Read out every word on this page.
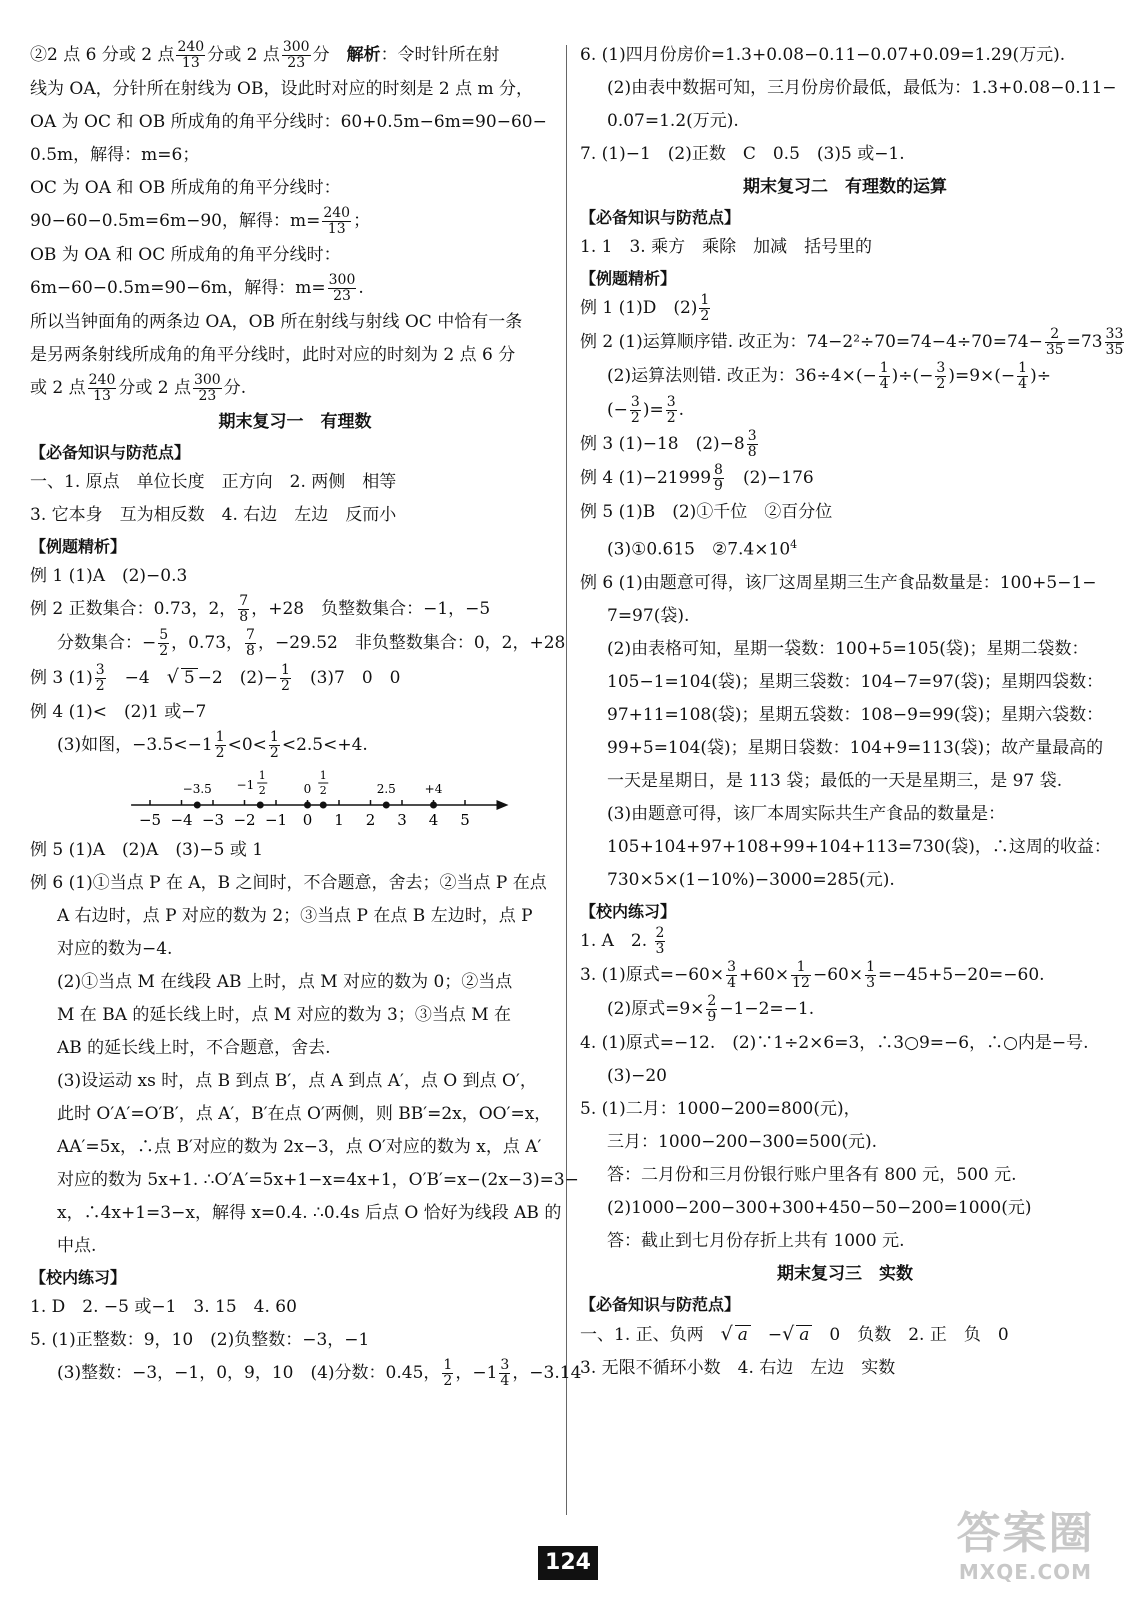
②2 点 6 分或 2 点 $\frac{240}{13}$ 分或 2 点 $\frac{300}{23}$ 分　 解析：令时针所在射
线为 OA，分针所在射线为 OB，设此时对应的时刻是 2 点 m 分，
OA 为 OC 和 OB 所成角的角平分线时：60+0.5m−6m=90−60−
0.5m，解得：m=6；
OC 为 OA 和 OB 所成角的角平分线时：
90−60−0.5m=6m−90，解得：$m= \frac{240}{13}$ ；
OB 为 OA 和 OC 所成角的角平分线时：
6m−60−0.5m=90−6m，解得：$m= \frac{300}{23}$ .
所以当钟面角的两条边 OA，OB 所在射线与射线 OC 中恰有一条
是另两条射线所成角的角平分线时，此时对应的时刻为 2 点 6 分
或 2 点 $\frac{240}{13}$ 分或 2 点 $\frac{300}{23}$ 分.
期末复习一　有理数
【必备知识与防范点】
一、1. 原点　单位长度　正方向　2. 两侧　相等
3. 它本身　互为相反数　4. 右边　左边　反而小
【例题精析】
例 1 (1)A　(2)−0.3
例 2 正数集合：0.73，2， $\frac{7}{8}$ ，+28　负整数集合：−1，−5
分数集合：− $\frac{5}{2}$ ，0.73， $\frac{7}{8}$ ，−29.52　非负整数集合：0，2，+28
例 3 $(1) \frac{3}{2}$ 　−4　√ 5 −2　$(2)- \frac{1}{2}$ 　(3)7　0　0
例 4 (1)<　(2)1 或−7
(3)如图，$-3.5<-1 \frac{1}{2} <0< \frac{1}{2} <2.5<+4$.
−5 −4 −3 −2 −1 0 1 2 3 4 5
−3.5	2.5 +4
−1
1
2	0
1
2
例 5 (1)A　(2)A　(3)−5 或 1
例 6 (1)①当点 P 在 A，B 之间时，不合题意，舍去；②当点 P 在点
A 右边时，点 P 对应的数为 2；③当点 P 在点 B 左边时，点 P
对应的数为−4.
(2)①当点 M 在线段 AB 上时，点 M 对应的数为 0；②当点
M 在 BA 的延长线上时，点 M 对应的数为 3；③当点 M 在
AB 的延长线上时，不合题意，舍去.
(3)设运动 xs 时，点 B 到点 B′，点 A 到点 A′，点 O 到点 O′，
此时 O′A′=O′B′，点 A′，B′在点 O′两侧，则 BB′=2x，OO′=x，
AA′=5x，∴点 B′对应的数为 2x−3，点 O′对应的数为 x，点 A′
对应的数为 5x+1. ∴O′A′=5x+1−x=4x+1，O′B′=x−(2x−3)=3−
x，∴4x+1=3−x，解得 x=0.4. ∴0.4s 后点 O 恰好为线段 AB 的
中点.
【校内练习】
1. D　2. −5 或−1　3. 15　4. 60
5. (1)正整数：9，10　(2)负整数：−3，−1
(3)整数：−3，−1，0，9，10　(4)分数：0.45， $\frac{1}{2}$ ，$-1 \frac{3}{4}$ ，−3.14
6. (1)四月份房价=1.3+0.08−0.11−0.07+0.09=1.29(万元).
(2)由表中数据可知，三月份房价最低，最低为：1.3+0.08−0.11−
0.07=1.2(万元).
7. (1)−1　(2)正数　C　0.5　(3)5 或−1.
期末复习二　有理数的运算
【必备知识与防范点】
1. 1　3. 乘方　乘除　加减　括号里的
【例题精析】
例 1 (1)D　$(2) \frac{1}{2}$
例 2 (1)运算顺序错. 改正为：$74-2^2\div 70=74-4\div 70=74- \frac{2}{35} =73 \frac{33}{35}$
(2)运算法则错. 改正为：$36\div 4\times(- \frac{1}{4}$ )÷(− $\frac{3}{2} )=9\times(- \frac{1}{4}$ )÷
(− $\frac{3}{2}$ )= $\frac{3}{2}$ .
例 3 (1)−18　$(2)-8 \frac{3}{8}$
例 4 $(1)-21999 \frac{8}{9}$ 　(2)−176
例 5 (1)B　(2)①千位　②百分位
(3)①0.615　$②7.4\times 10^4$
例 6 (1)由题意可得，该厂这周星期三生产食品数量是：100+5−1−
7=97(袋).
(2)由表格可知，星期一袋数：100+5=105(袋)；星期二袋数：
105−1=104(袋)；星期三袋数：104−7=97(袋)；星期四袋数：
97+11=108(袋)；星期五袋数：108−9=99(袋)；星期六袋数：
99+5=104(袋)；星期日袋数：104+9=113(袋)；故产量最高的
一天是星期日，是 113 袋；最低的一天是星期三，是 97 袋.
(3)由题意可得，该厂本周实际共生产食品的数量是：
105+104+97+108+99+104+113=730(袋)，∴这周的收益：
730×5×(1−10%)−3000=285(元).
【校内练习】
1. A　2. $\frac{2}{3}$
3. (1)原式$=-60\times \frac{3}{4} +60\times \frac{1}{12} -60\times \frac{1}{3} =-45+5-20=-60$.
(2)原式$=9\times \frac{2}{9} -1-2=-1$.
4. (1)原式=−12.　(2)∵1÷2×6=3，∴3○9=−6，∴○内是−号.
(3)−20
5. (1)二月：1000−200=800(元)，
三月：1000−200−300=500(元).
答：二月份和三月份银行账户里各有 800 元，500 元.
(2)1000−200−300+300+450−50−200=1000(元)
答：截止到七月份存折上共有 1000 元.
期末复习三　实数
【必备知识与防范点】
一、1. 正、负两　√ a　−√ a　0　负数　2. 正　负　0
3. 无限不循环小数　4. 右边　左边　实数
124
答案圈
MXQE.COM
